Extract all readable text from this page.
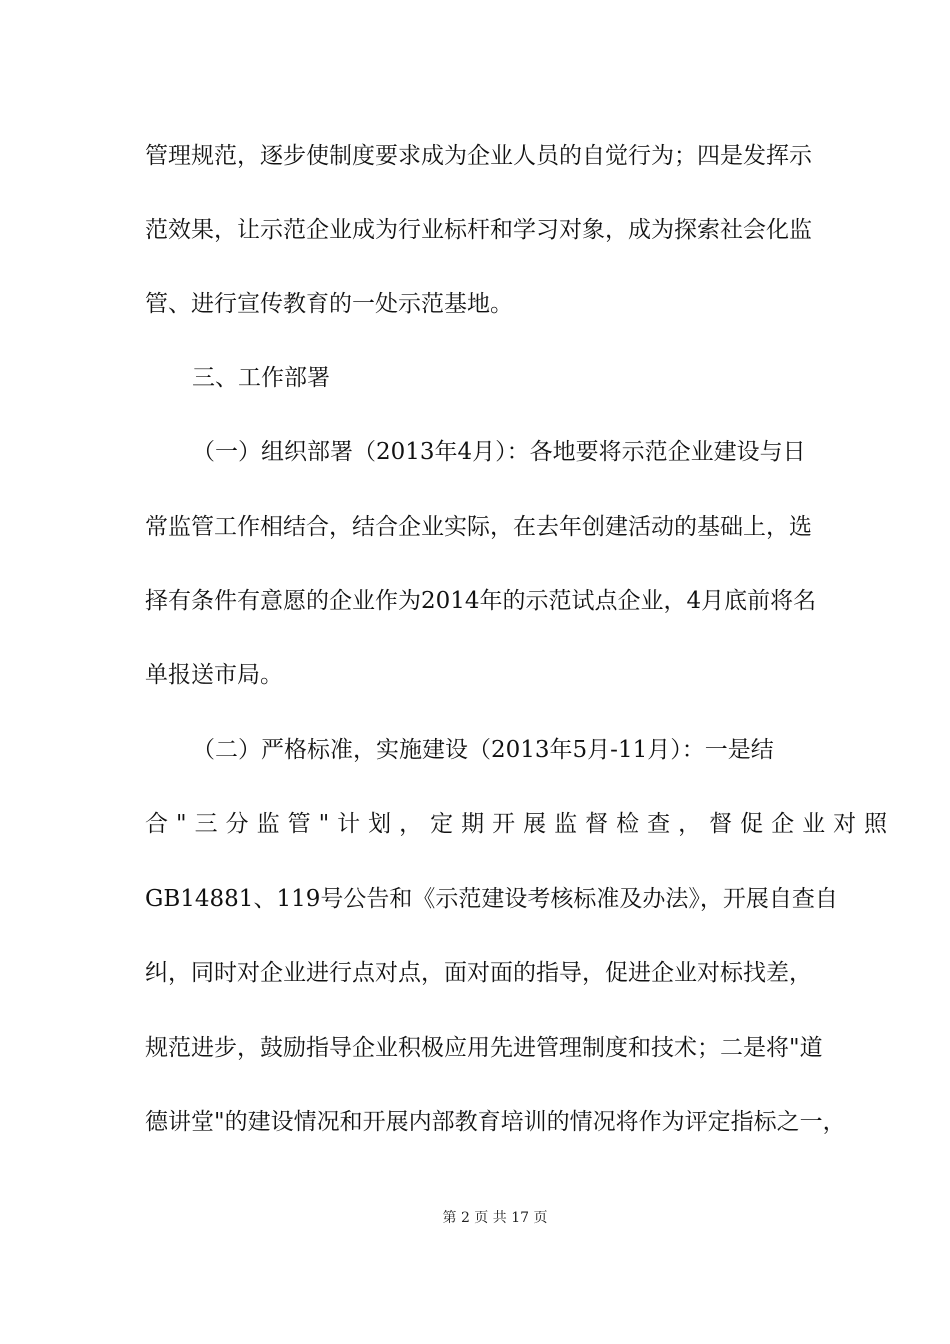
管理规范，逐步使制度要求成为企业人员的自觉行为；四是发挥示
范效果，让示范企业成为行业标杆和学习对象，成为探索社会化监
管、进行宣传教育的一处示范基地。
三、工作部署
（一）组织部署（2013年4月）：各地要将示范企业建设与日
常监管工作相结合，结合企业实际，在去年创建活动的基础上，选
择有条件有意愿的企业作为2014年的示范试点企业，4月底前将名
单报送市局。
（二）严格标准，实施建设（2013年5月-11月）：一是结
合"三分监管"计划，定期开展监督检查，督促企业对照
GB14881、119号公告和《示范建设考核标准及办法》，开展自查自
纠，同时对企业进行点对点，面对面的指导，促进企业对标找差，
规范进步，鼓励指导企业积极应用先进管理制度和技术；二是将"道
德讲堂"的建设情况和开展内部教育培训的情况将作为评定指标之一，
第 2 页 共 17 页
